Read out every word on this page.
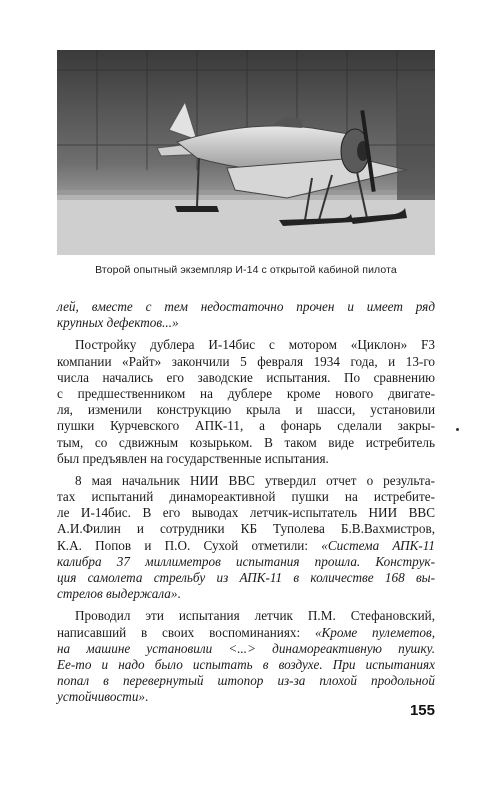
Второй опытный экземпляр И-14 с открытой кабиной пилота
лей, вместе с тем недостаточно прочен и имеет ряд
крупных дефектов...»
Постройку дублера И-14бис с мотором «Циклон» F3
компании «Райт» закончили 5 февраля 1934 года, и 13-го
числа начались его заводские испытания. По сравнению
с предшественником на дублере кроме нового двигате-
ля, изменили конструкцию крыла и шасси, установили
пушки Курчевского АПК-11, а фонарь сделали закры-
тым, со сдвижным козырьком. В таком виде истребитель
был предъявлен на государственные испытания.
8 мая начальник НИИ ВВС утвердил отчет о результа-
тах испытаний динамореактивной пушки на истребите-
ле И-14бис. В его выводах летчик-испытатель НИИ ВВС
А.И.Филин и сотрудники КБ Туполева Б.В.Вахмистров,
К.А. Попов и П.О. Сухой отметили: «Система АПК-11
калибра 37 миллиметров испытания прошла. Конструк-
ция самолета стрельбу из АПК-11 в количестве 168 вы-
стрелов выдержала».
Проводил эти испытания летчик П.М. Стефановский,
написавший в своих воспоминаниях: «Кроме пулеметов,
на машине установили <...> динамореактивную пушку.
Ее-то и надо было испытать в воздухе. При испытаниях
попал в перевернутый штопор из-за плохой продольной
устойчивости».
155
